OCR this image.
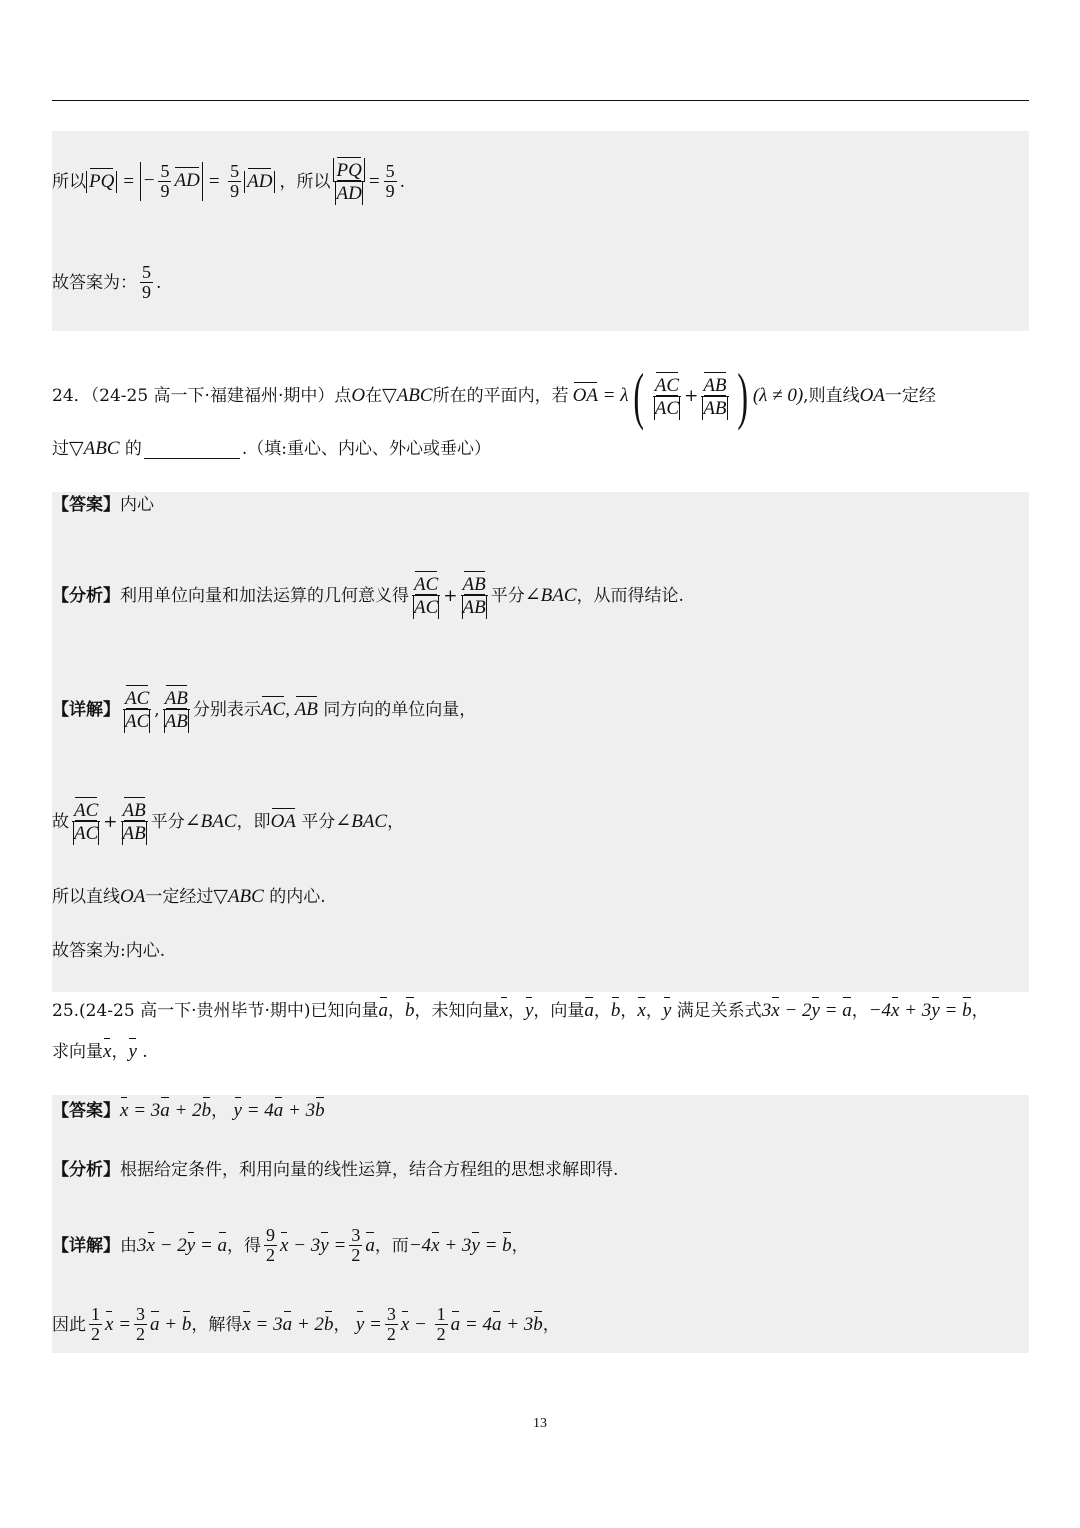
所以 PQ = − $\frac{5}{9}$ AD = $\frac{5}{9}$ AD ，所以 $\frac{PQ}{AD} = \frac{5}{9}$ .
故答案为： $\frac{5}{9}$ .
24．（24-25 高一下·福建福州·期中）点 O 在 ▽ABC 所在的平面内，若 OA = λ ( $\frac{AC}{AC} + \frac{AB}{AB}$ ) (λ ≠ 0) ,则直线 OA 一定经
过 ▽ABC
的	.（填:重心、内心、外心或垂心）
【答案】 内心
【分析】 利用单位向量和加法运算的几何意义得 $\frac{AC}{AC} + \frac{AB}{AB}$ 平分 ∠BAC ，从而得结论.
【详解】 $\frac{AC}{AC}$ , $\frac{AB}{AB}$ 分别表示 AC, AB
同方向的单位向量，
故 $\frac{AC}{AC} + \frac{AB}{AB}$ 平分 ∠BAC ，即 OA
平分 ∠BAC ，
所以直线 OA 一定经过 ▽ABC
的内心.
故答案为:内心.
25.(24-25 高一下·贵州毕节·期中)已知向量 a ， b ，未知向量 x ， y ，向量 a ， b ， x ， y
满足关系式 3x − 2y = a ， −4x + 3y = b ，
求向量 x ， y .
【答案】 x = 3a + 2b ， y = 4a + 3b
【分析】 根据给定条件，利用向量的线性运算，结合方程组的思想求解即得.
【详解】 由 3x − 2y = a ，得 $\frac{9}{2}$ $x - 3y = \frac{3}{2}$ a ，而 −4x + 3y = b ，
因此 $\frac{1}{2}$ $x = \frac{3}{2}$ a + b ，解得 x = 3a + 2b ， $y = \frac{3}{2}$ $x - \frac{1}{2}$ a = 4a + 3b ，
13
